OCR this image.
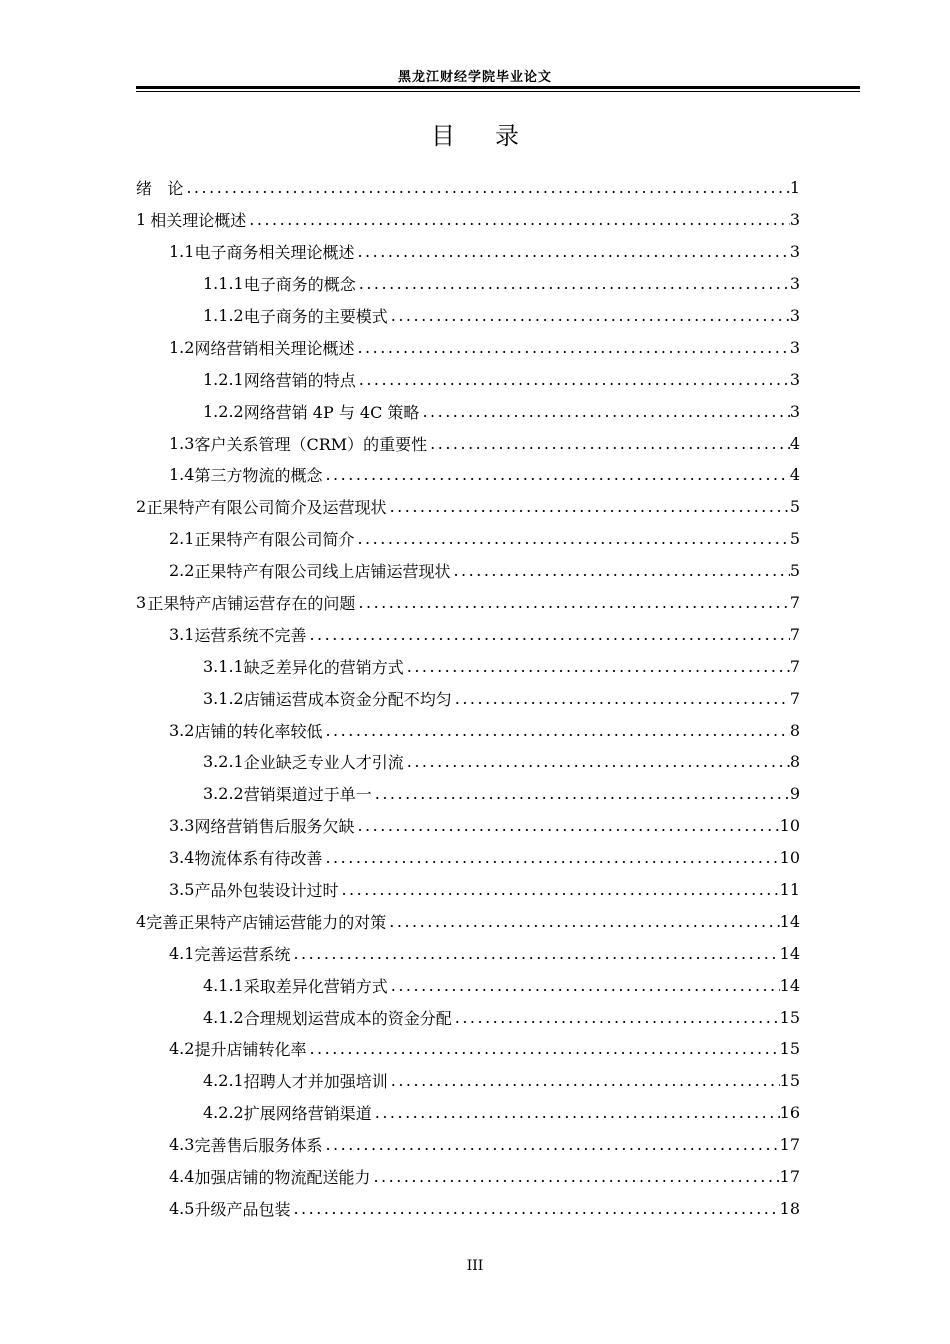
黑龙江财经学院毕业论文
目录
绪 论 .....	1
1 相关理论概述 .....	3
1.1 电子商务相关理论概述 .....	3
1.1.1 电子商务的概念 .....	3
1.1.2 电子商务的主要模式 .....	3
1.2 网络营销相关理论概述 .....	3
1.2.1 网络营销的特点 .....	3
1.2.2 网络营销 4P 与 4C 策略 .....	3
1.3 客户关系管理（CRM）的重要性 .....	4
1.4 第三方物流的概念 .....	4
2 正果特产有限公司简介及运营现状 .....	5
2.1 正果特产有限公司简介 .....	5
2.2 正果特产有限公司线上店铺运营现状 .....	5
3 正果特产店铺运营存在的问题 .....	7
3.1 运营系统不完善 .....	7
3.1.1 缺乏差异化的营销方式 .....	7
3.1.2 店铺运营成本资金分配不均匀 .....	7
3.2 店铺的转化率较低 .....	8
3.2.1 企业缺乏专业人才引流 .....	8
3.2.2 营销渠道过于单一 .....	9
3.3 网络营销售后服务欠缺 .....	10
3.4 物流体系有待改善 .....	10
3.5 产品外包装设计过时 .....	11
4 完善正果特产店铺运营能力的对策 .....	14
4.1 完善运营系统 .....	14
4.1.1 采取差异化营销方式 .....	14
4.1.2 合理规划运营成本的资金分配 .....	15
4.2 提升店铺转化率 .....	15
4.2.1 招聘人才并加强培训 .....	15
4.2.2 扩展网络营销渠道 .....	16
4.3 完善售后服务体系 .....	17
4.4 加强店铺的物流配送能力 .....	17
4.5 升级产品包装 .....	18
III
